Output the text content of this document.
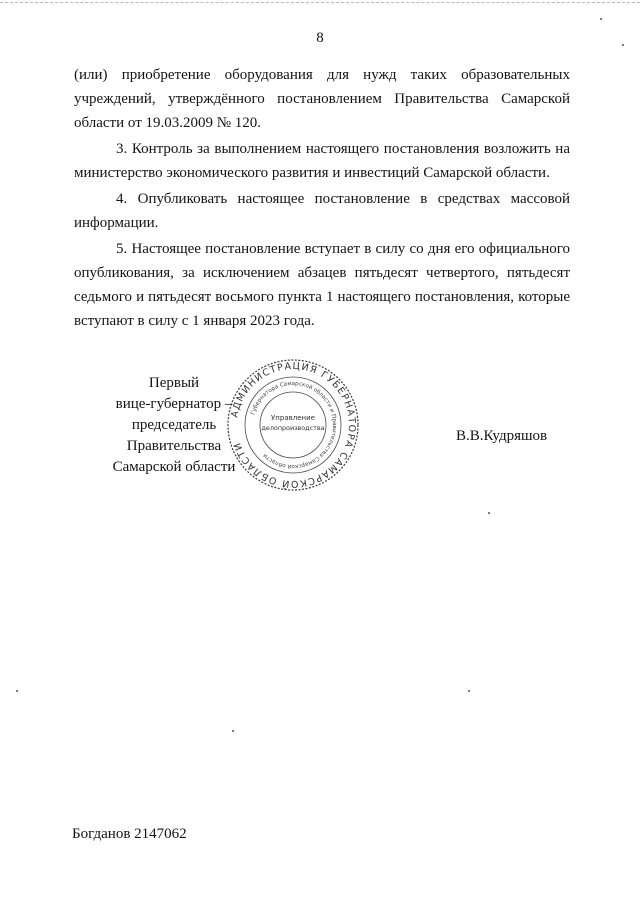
8

(или) приобретение оборудования для нужд таких образовательных учреждений, утверждённого постановлением Правительства Самарской области от 19.03.2009 № 120.

3. Контроль за выполнением настоящего постановления возложить на министерство экономического развития и инвестиций Самарской области.

4. Опубликовать настоящее постановление в средствах массовой информации.

5. Настоящее постановление вступает в силу со дня его официального опубликования, за исключением абзацев пятьдесят четвертого, пятьдесят седьмого и пятьдесят восьмого пункта 1 настоящего постановления, которые вступают в силу с 1 января 2023 года.

АДМИНИСТРАЦИЯ ГУБЕРНАТОРА САМАРСКОЙ ОБЛАСТИ
Губернатора Самарской области и Правительства Самарской области
Управление
делопроизводства
Первый
вице-губернатор –
председатель Правительства
Самарской области
В.В.Кудряшов
Богданов 2147062
